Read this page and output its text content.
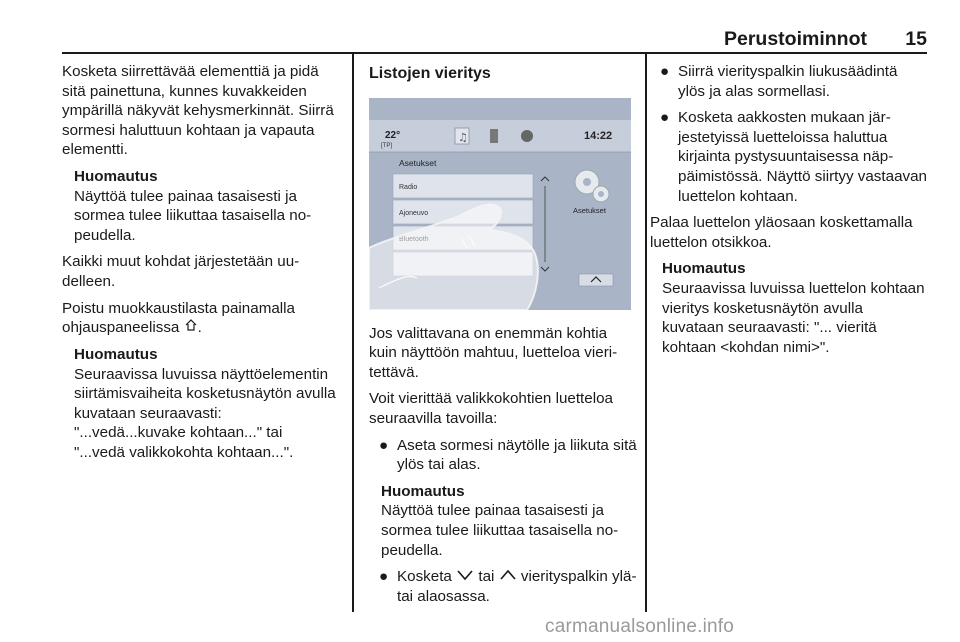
Perustoiminnot 15

Kosketa siirrettävää elementtiä ja pidä sitä painettuna, kunnes kuvakkeiden ympärillä näkyvät kehysmerkinnät. Siirrä sormesi haluttuun kohtaan ja vapauta elementti.

Huomautus
Näyttöä tulee painaa tasaisesti ja sormea tulee liikuttaa tasaisella nopeudella.

Kaikki muut kohdat järjestetään uudelleen.

Poistu muokkaustilasta painamalla ohjauspaneelissa .

Huomautus
Seuraavissa luvuissa näyttöelementin siirtämisvaiheita kosketusnäytön avulla kuvataan seuraavasti:
"...vedä...kuvake kohtaan..." tai
"...vedä valikkokohta kohtaan...".
Listojen vieritys
22°
[TP]
14:22
♫
Asetukset
Radio
Ajoneuvo	Asetukset

Jos valittavana on enemmän kohtia kuin näyttöön mahtuu, luetteloa vieritettävä.

Voit vierittää valikkokohtien luetteloa seuraavilla tavoilla:

● Aseta sormesi näytölle ja liikuta sitä ylös tai alas.
Huomautus
Näyttöä tulee painaa tasaisesti ja sormea tulee liikuttaa tasaisella nopeudella.
● Kosketa tai vierityspalkin ylä- tai alaosassa.
● Siirrä vierityspalkin liukusäädintä ylös ja alas sormellasi.
● Kosketa aakkosten mukaan järjestetyissä luetteloissa haluttua kirjainta pystysuuntaisessa näppäimistössä. Näyttö siirtyy vastaavan luettelon kohtaan.

Palaa luettelon yläosaan koskettamalla luettelon otsikkoa.

Huomautus
Seuraavissa luvuissa luettelon kohtaan vieritys kosketusnäytön avulla kuvataan seuraavasti: "... vieritä kohtaan <kohdan nimi>".
carmanualsonline.info
